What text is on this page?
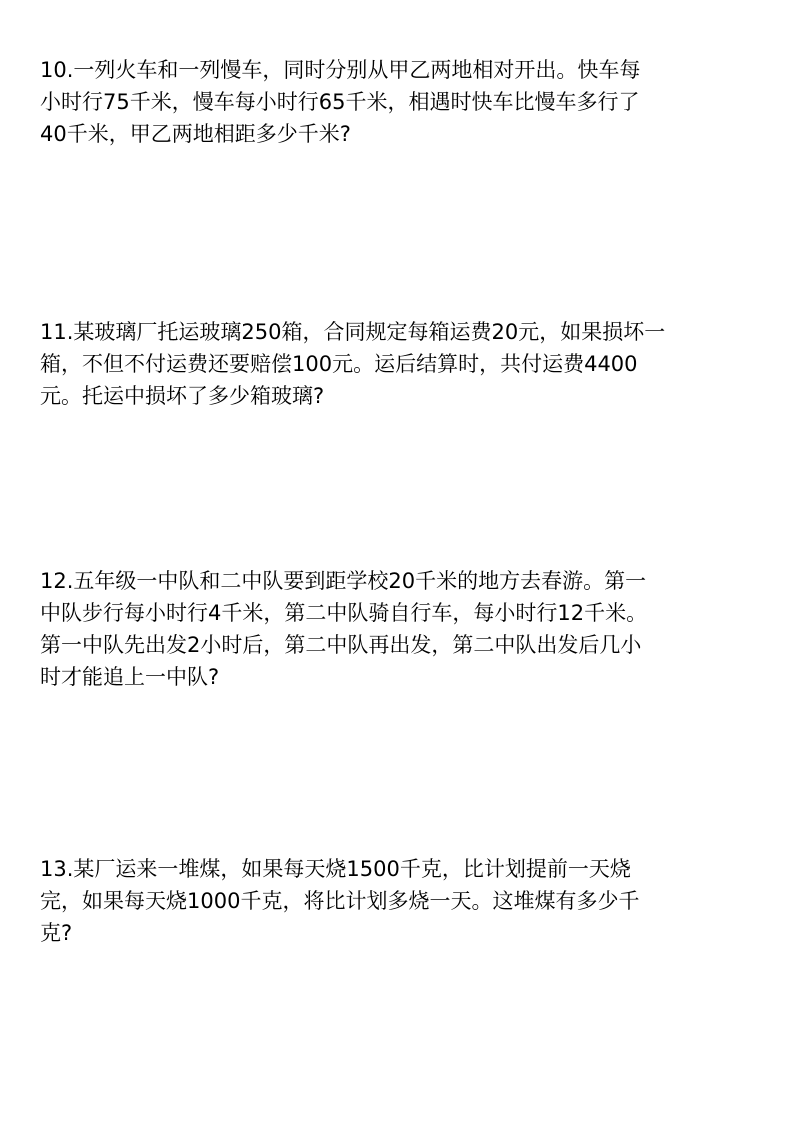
10.一列火车和一列慢车，同时分别从甲乙两地相对开出。快车每
小时行75千米，慢车每小时行65千米，相遇时快车比慢车多行了
40千米，甲乙两地相距多少千米?
11.某玻璃厂托运玻璃250箱，合同规定每箱运费20元，如果损坏一
箱，不但不付运费还要赔偿100元。运后结算时，共付运费4400
元。托运中损坏了多少箱玻璃?
12.五年级一中队和二中队要到距学校20千米的地方去春游。第一
中队步行每小时行4千米，第二中队骑自行车，每小时行12千米。
第一中队先出发2小时后，第二中队再出发，第二中队出发后几小
时才能追上一中队?
13.某厂运来一堆煤，如果每天烧1500千克，比计划提前一天烧
完，如果每天烧1000千克，将比计划多烧一天。这堆煤有多少千
克?
